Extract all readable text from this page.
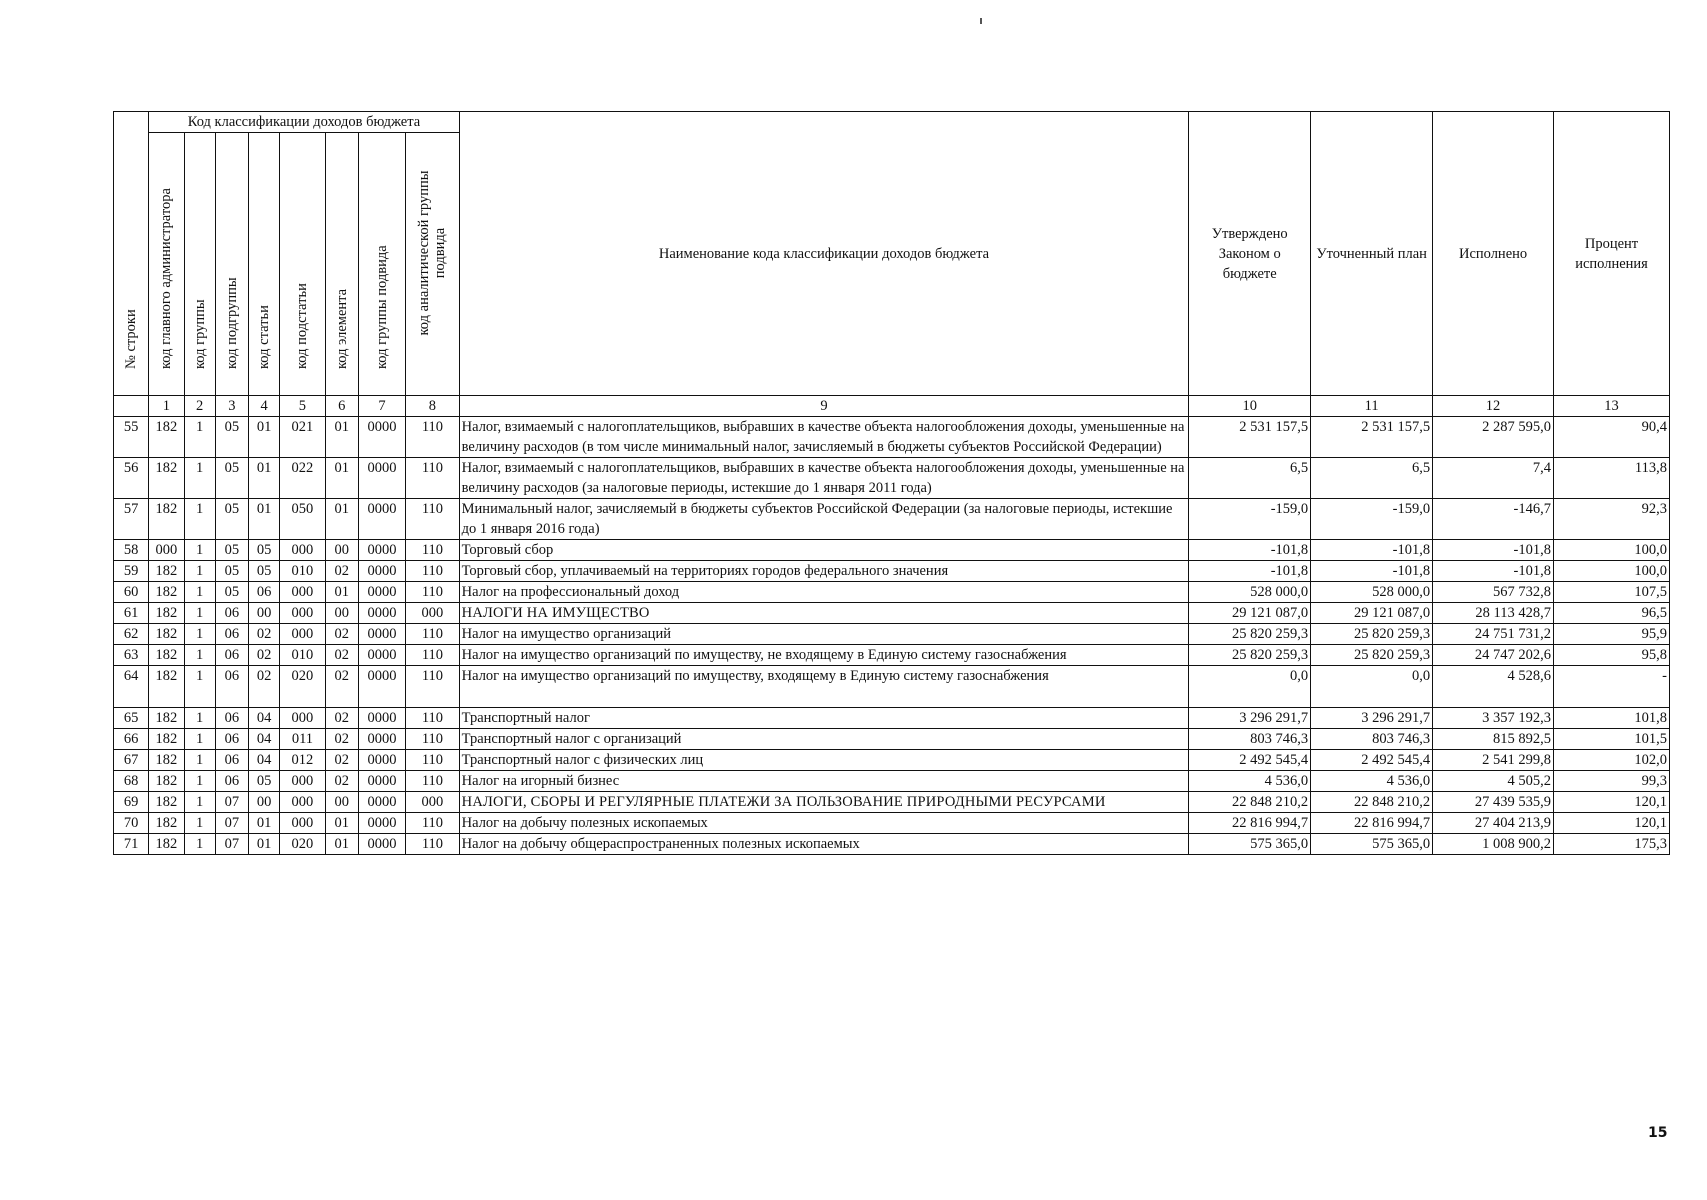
№ строки	Код классификации доходов бюджета								Наименование кода классификации доходов бюджета	Утверждено Законом о бюджете	Уточненный план	Исполнено	Процент исполнения

	код главного администратора	код группы	код подгруппы	код статьи	код подстатьи	код элемента	код группы подвида	код аналитической группы подвида					

	1	2	3	4	5	6	7	8	9	10	11	12	13
55	182	1	05	01	021	01	0000	110	Налог, взимаемый с налогоплательщиков, выбравших в качестве объекта налогообложения доходы, уменьшенные на величину расходов (в том числе минимальный налог, зачисляемый в бюджеты субъектов Российской Федерации)	2 531 157,5	2 531 157,5	2 287 595,0	90,4
56	182	1	05	01	022	01	0000	110	Налог, взимаемый с налогоплательщиков, выбравших в качестве объекта налогообложения доходы, уменьшенные на величину расходов (за налоговые периоды, истекшие до 1 января 2011 года)	6,5	6,5	7,4	113,8
57	182	1	05	01	050	01	0000	110	Минимальный налог, зачисляемый в бюджеты субъектов Российской Федерации (за налоговые периоды, истекшие до 1 января 2016 года)	-159,0	-159,0	-146,7	92,3
58	000	1	05	05	000	00	0000	110	Торговый сбор	-101,8	-101,8	-101,8	100,0
59	182	1	05	05	010	02	0000	110	Торговый сбор, уплачиваемый на территориях городов федерального значения	-101,8	-101,8	-101,8	100,0
60	182	1	05	06	000	01	0000	110	Налог на профессиональный доход	528 000,0	528 000,0	567 732,8	107,5
61	182	1	06	00	000	00	0000	000	НАЛОГИ НА ИМУЩЕСТВО	29 121 087,0	29 121 087,0	28 113 428,7	96,5
62	182	1	06	02	000	02	0000	110	Налог на имущество организаций	25 820 259,3	25 820 259,3	24 751 731,2	95,9
63	182	1	06	02	010	02	0000	110	Налог на имущество организаций по имуществу, не входящему в Единую систему газоснабжения	25 820 259,3	25 820 259,3	24 747 202,6	95,8
64	182	1	06	02	020	02	0000	110	Налог на имущество организаций по имуществу, входящему в Единую систему газоснабжения	0,0	0,0	4 528,6	-
65	182	1	06	04	000	02	0000	110	Транспортный налог	3 296 291,7	3 296 291,7	3 357 192,3	101,8
66	182	1	06	04	011	02	0000	110	Транспортный налог с организаций	803 746,3	803 746,3	815 892,5	101,5
67	182	1	06	04	012	02	0000	110	Транспортный налог с физических лиц	2 492 545,4	2 492 545,4	2 541 299,8	102,0
68	182	1	06	05	000	02	0000	110	Налог на игорный бизнес	4 536,0	4 536,0	4 505,2	99,3
69	182	1	07	00	000	00	0000	000	НАЛОГИ, СБОРЫ И РЕГУЛЯРНЫЕ ПЛАТЕЖИ ЗА ПОЛЬЗОВАНИЕ ПРИРОДНЫМИ РЕСУРСАМИ	22 848 210,2	22 848 210,2	27 439 535,9	120,1
70	182	1	07	01	000	01	0000	110	Налог на добычу полезных ископаемых	22 816 994,7	22 816 994,7	27 404 213,9	120,1
71	182	1	07	01	020	01	0000	110	Налог на добычу общераспространенных полезных ископаемых	575 365,0	575 365,0	1 008 900,2	175,3
15
